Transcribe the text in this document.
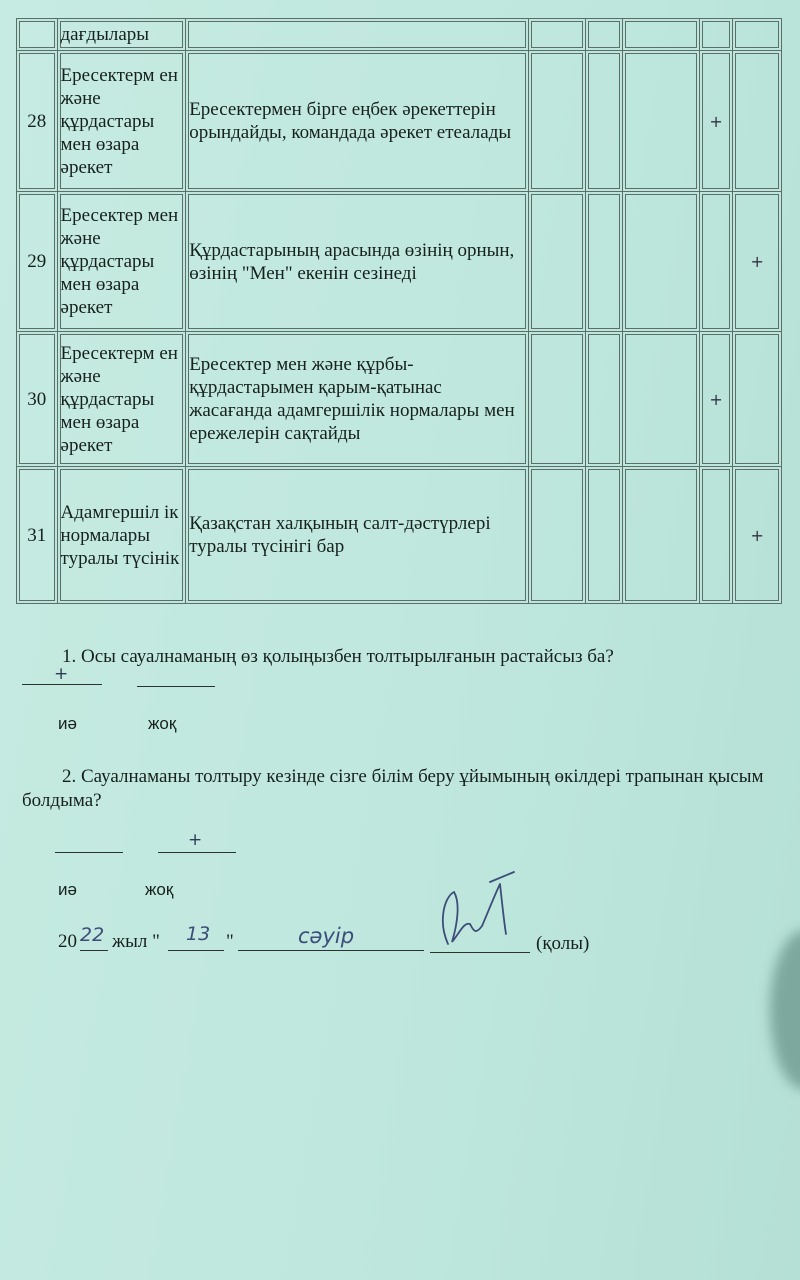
	дағдылары						
28	Ересектерм ен және құрдастары мен өзара әрекет	Ересектермен бірге еңбек әрекеттерін орындайды, командада әрекет етеалады				+	
29	Ересектер мен және құрдастары мен өзара әрекет	Құрдастарының арасында өзінің орнын, өзінің "Мен" екенін сезінеді					+
30	Ересектерм ен және құрдастары мен өзара әрекет	Ересектер мен және құрбы-құрдастарымен қарым-қатынас жасағанда адамгершілік нормалары мен ережелерін сақтайды				+	
31	Адамгершіл ік нормалары туралы түсінік	Қазақстан халқының салт-дәстүрлері туралы түсінігі бар					+
1. Осы сауалнаманың өз қолыңызбен толтырылғанын растайсыз ба?
+
иә	жоқ
2. Сауалнаманы толтыру кезінде сізге білім беру ұйымының өкілдері трапынан қысым болдыма?
+
иә	жоқ
20 22 жыл " 13 "	сәуір	(қолы)
